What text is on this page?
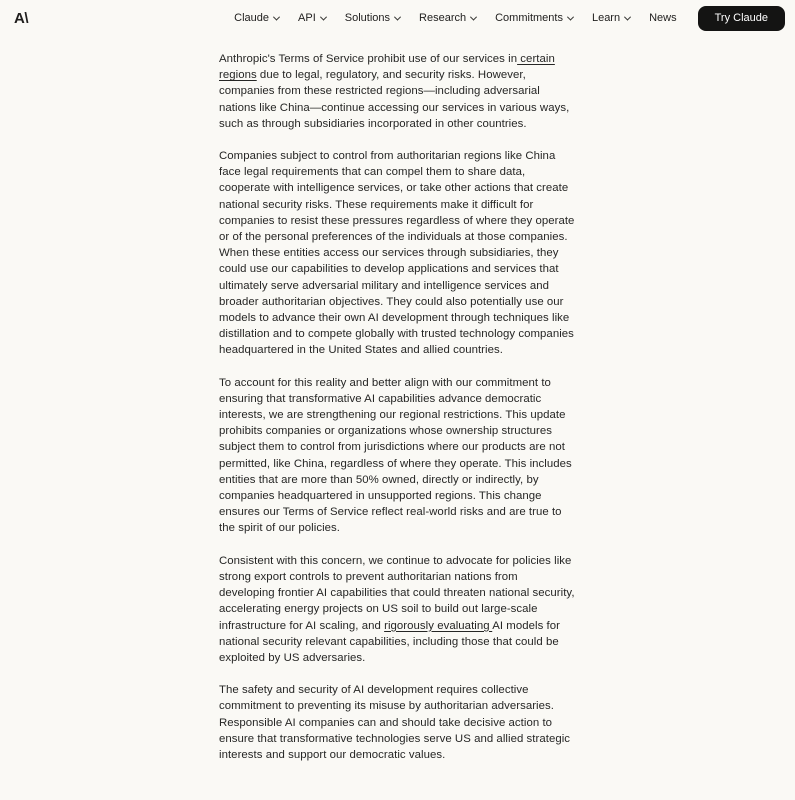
A\	Claude	API	Solutions	Research	Commitments	Learn	News	Try Claude

Anthropic's Terms of Service prohibit use of our services in certain regions due to legal, regulatory, and security risks. However, companies from these restricted regions—including adversarial nations like China—continue accessing our services in various ways, such as through subsidiaries incorporated in other countries.

Companies subject to control from authoritarian regions like China face legal requirements that can compel them to share data, cooperate with intelligence services, or take other actions that create national security risks. These requirements make it difficult for companies to resist these pressures regardless of where they operate or of the personal preferences of the individuals at those companies. When these entities access our services through subsidiaries, they could use our capabilities to develop applications and services that ultimately serve adversarial military and intelligence services and broader authoritarian objectives. They could also potentially use our models to advance their own AI development through techniques like distillation and to compete globally with trusted technology companies headquartered in the United States and allied countries.

To account for this reality and better align with our commitment to ensuring that transformative AI capabilities advance democratic interests, we are strengthening our regional restrictions. This update prohibits companies or organizations whose ownership structures subject them to control from jurisdictions where our products are not permitted, like China, regardless of where they operate. This includes entities that are more than 50% owned, directly or indirectly, by companies headquartered in unsupported regions. This change ensures our Terms of Service reflect real-world risks and are true to the spirit of our policies.

Consistent with this concern, we continue to advocate for policies like strong export controls to prevent authoritarian nations from developing frontier AI capabilities that could threaten national security, accelerating energy projects on US soil to build out large-scale infrastructure for AI scaling, and rigorously evaluating AI models for national security relevant capabilities, including those that could be exploited by US adversaries.

The safety and security of AI development requires collective commitment to preventing its misuse by authoritarian adversaries. Responsible AI companies can and should take decisive action to ensure that transformative technologies serve US and allied strategic interests and support our democratic values.
